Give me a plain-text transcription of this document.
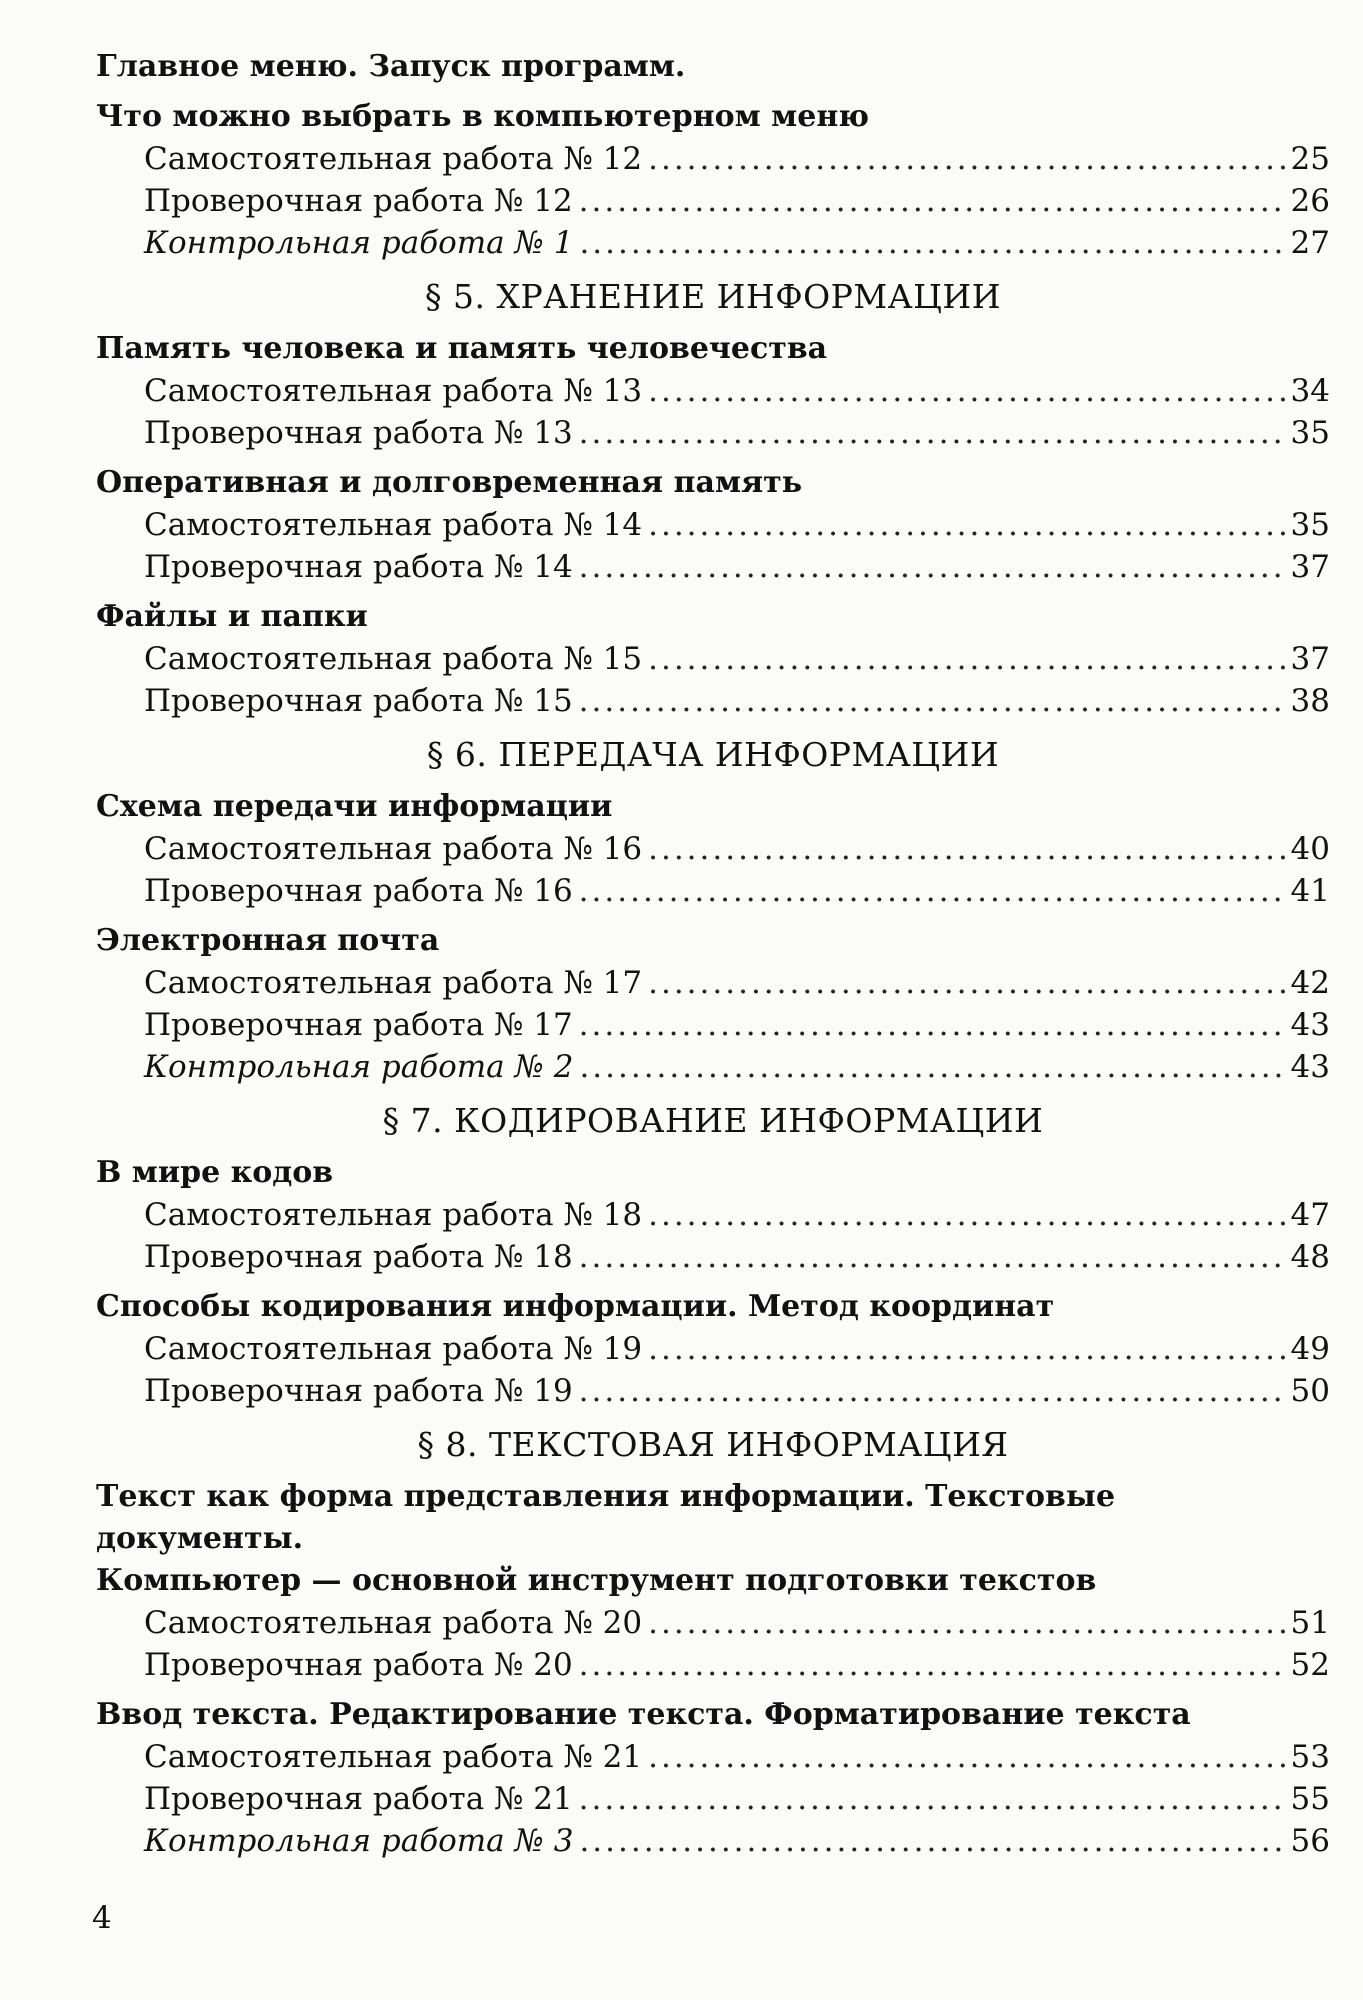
Главное меню. Запуск программ.
Что можно выбрать в компьютерном меню
Самостоятельная работа № 12 .....	25
Проверочная работа № 12 .....	26
Контрольная работа № 1 .....	27
§ 5. ХРАНЕНИЕ ИНФОРМАЦИИ
Память человека и память человечества
Самостоятельная работа № 13 .....	34
Проверочная работа № 13 .....	35
Оперативная и долговременная память
Самостоятельная работа № 14 .....	35
Проверочная работа № 14 .....	37
Файлы и папки
Самостоятельная работа № 15 .....	37
Проверочная работа № 15 .....	38
§ 6. ПЕРЕДАЧА ИНФОРМАЦИИ
Схема передачи информации
Самостоятельная работа № 16 .....	40
Проверочная работа № 16 .....	41
Электронная почта
Самостоятельная работа № 17 .....	42
Проверочная работа № 17 .....	43
Контрольная работа № 2 .....	43
§ 7. КОДИРОВАНИЕ ИНФОРМАЦИИ
В мире кодов
Самостоятельная работа № 18 .....	47
Проверочная работа № 18 .....	48
Способы кодирования информации. Метод координат
Самостоятельная работа № 19 .....	49
Проверочная работа № 19 .....	50
§ 8. ТЕКСТОВАЯ ИНФОРМАЦИЯ
Текст как форма представления информации. Текстовые документы.
Компьютер — основной инструмент подготовки текстов
Самостоятельная работа № 20 .....	51
Проверочная работа № 20 .....	52
Ввод текста. Редактирование текста. Форматирование текста
Самостоятельная работа № 21 .....	53
Проверочная работа № 21 .....	55
Контрольная работа № 3 .....	56
4
